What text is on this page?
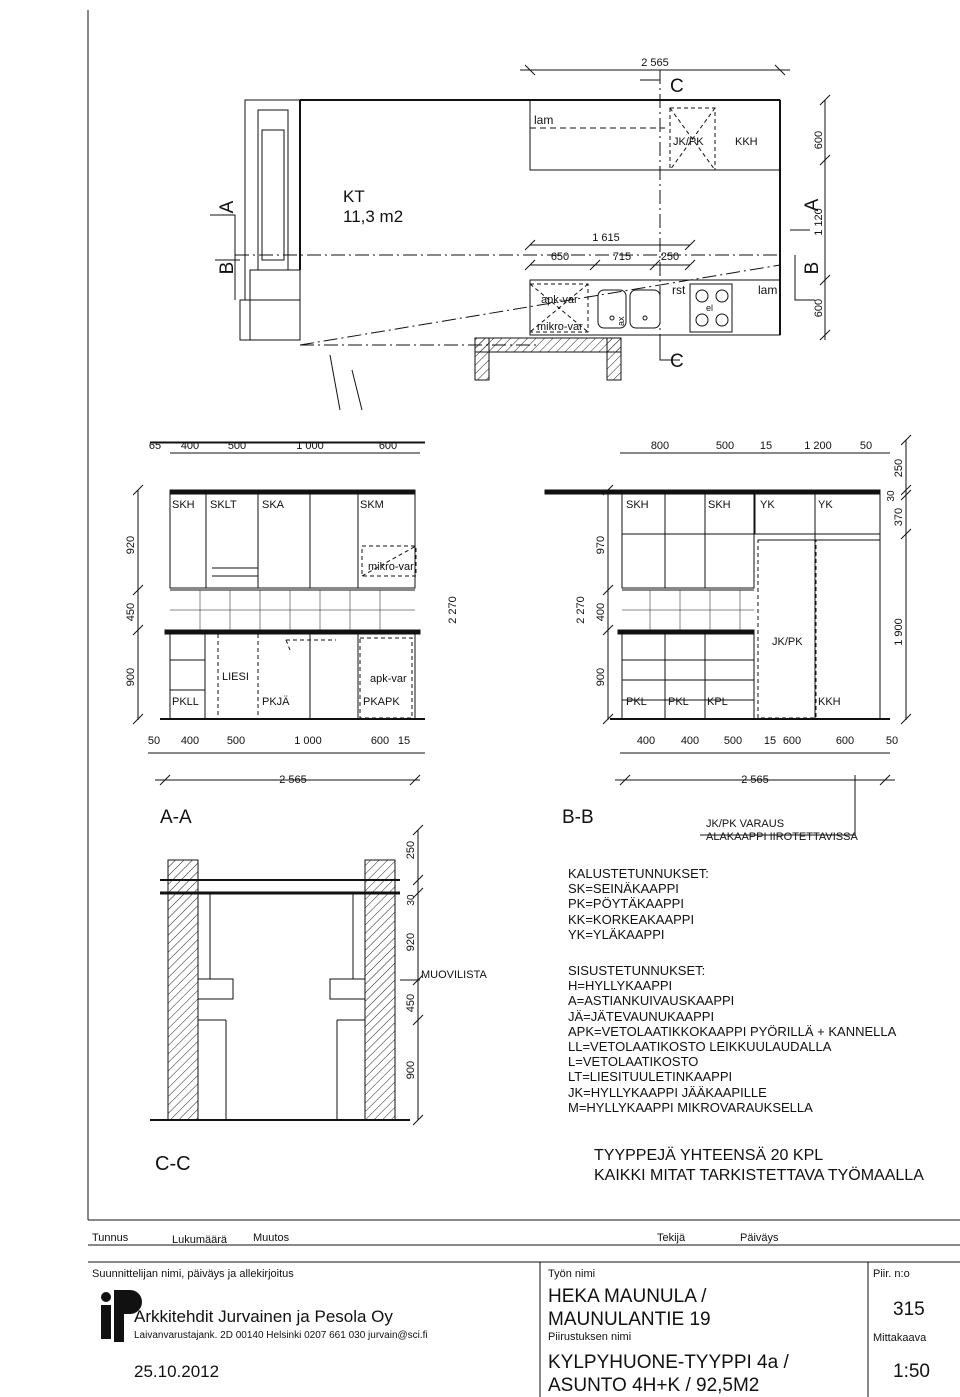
KT
11,3 m2
A
B
A
B
C
C
2 565
600
1 120
600
1 615
650	715	250
lam
JK/PK	KKH
rst	lam
apk-var
mikro-var	ax
el
65 400	500	1 000	600
SKH SKLT SKA	SKM
mikro-var
PKLL
LIESI
PKJÄ
apk-var
PKAPK
920
450
900
2 270
50 400	500	1 000	600 15
2 565
800	500 15	1 200	50
SKH	SKH	YK	YK
JK/PK
PKL PKL KPL	KKH
970
400
900
2 270
250
30
370
1 900
400 400 500 15 600	600	50
2 565
A-A	B-B
C-C
250
30
920
450
900
MUOVILISTA
JK/PK VARAUS
ALAKAAPPI IIROTETTAVISSA
Tunnus	Lukumäärä Muutos	Tekijä	Päiväys
Suunnittelijan nimi, päiväys ja allekirjoitus
Arkkitehdit Jurvainen ja Pesola Oy
Laivanvarustajank. 2D 00140 Helsinki 0207 661 030 jurvain@sci.fi
25.10.2012
Työn nimi
HEKA MAUNULA /
MAUNULANTIE 19
Piirustuksen nimi
KYLPYHUONE-TYYPPI 4a /
ASUNTO 4H+K / 92,5M2
Piir. n:o
315
Mittakaava
1:50
TYYPPEJÄ YHTEENSÄ 20 KPL
KAIKKI MITAT TARKISTETTAVA TYÖMAALLA
KALUSTETUNNUKSET:
SK=SEINÄKAAPPI
PK=PÖYTÄKAAPPI
KK=KORKEAKAAPPI
YK=YLÄKAAPPI
SISUSTETUNNUKSET:
H=HYLLYKAAPPI
A=ASTIANKUIVAUSKAAPPI
JÄ=JÄTEVAUNUKAAPPI
APK=VETOLAATIKKOKAAPPI PYÖRILLÄ + KANNELLA
LL=VETOLAATIKOSTO LEIKKUULAUDALLA
L=VETOLAATIKOSTO
LT=LIESITUULETINKAAPPI
JK=HYLLYKAAPPI JÄÄKAAPILLE
M=HYLLYKAAPPI MIKROVARAUKSELLA
